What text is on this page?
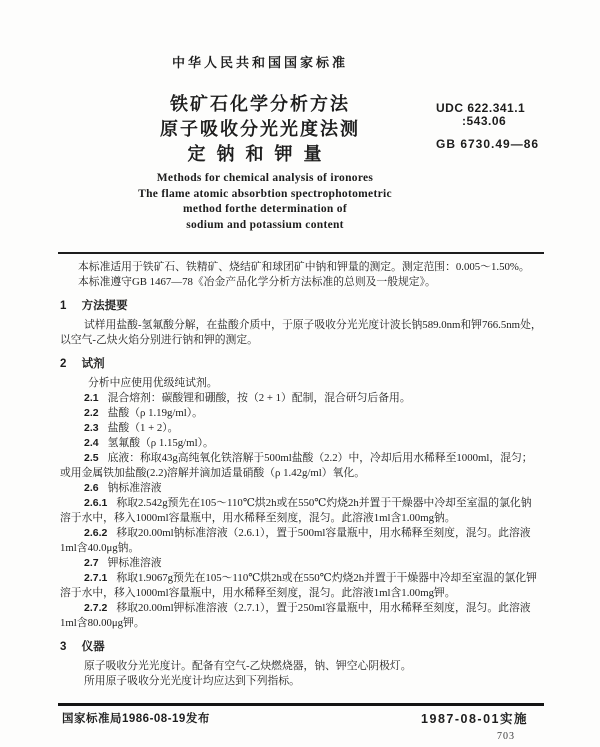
中华人民共和国国家标准
铁矿石化学分析方法
原子吸收分光光度法测
定钠和钾量
UDC 622.341.1
:543.06
GB 6730.49—86
Methods for chemical analysis of ironores
The flame atomic absorbtion spectrophotometric
method forthe determination of
sodium and potassium content

本标准适用于铁矿石、铁精矿、烧结矿和球团矿中钠和钾量的测定。测定范围：0.005～1.50%。

本标准遵守GB 1467—78《冶金产品化学分析方法标准的总则及一般规定》。

1 方法提要

试样用盐酸-氢氟酸分解，在盐酸介质中，于原子吸收分光光度计波长钠589.0nm和钾766.5nm处，以空气-乙炔火焰分别进行钠和钾的测定。

2 试剂

分析中应使用优级纯试剂。

2.1 混合熔剂：碳酸锂和硼酸，按（2 + 1）配制，混合研匀后备用。

2.2 盐酸（ρ 1.19g/ml）。

2.3 盐酸（1 + 2）。

2.4 氢氟酸（ρ 1.15g/ml）。

2.5 底液：称取43g高纯氧化铁溶解于500ml盐酸（2.2）中，冷却后用水稀释至1000ml，混匀；或用金属铁加盐酸(2.2)溶解并滴加适量硝酸（ρ 1.42g/ml）氧化。

2.6 钠标准溶液

2.6.1 称取2.542g预先在105～110℃烘2h或在550℃灼烧2h并置于干燥器中冷却至室温的氯化钠溶于水中，移入1000ml容量瓶中，用水稀释至刻度，混匀。此溶液1ml含1.00mg钠。

2.6.2 移取20.00ml钠标准溶液（2.6.1），置于500ml容量瓶中，用水稀释至刻度，混匀。此溶液1ml含40.0μg钠。

2.7 钾标准溶液

2.7.1 称取1.9067g预先在105～110℃烘2h或在550℃灼烧2h并置于干燥器中冷却至室温的氯化钾溶于水中，移入1000ml容量瓶中，用水稀释至刻度，混匀。此溶液1ml含1.00mg钾。

2.7.2 移取20.00ml钾标准溶液（2.7.1），置于250ml容量瓶中，用水稀释至刻度，混匀。此溶液1ml含80.00μg钾。

3 仪器

原子吸收分光光度计。配备有空气-乙炔燃烧器，钠、钾空心阴极灯。

所用原子吸收分光光度计均应达到下列指标。

国家标准局1986-08-19发布	1987-08-01实施
703
